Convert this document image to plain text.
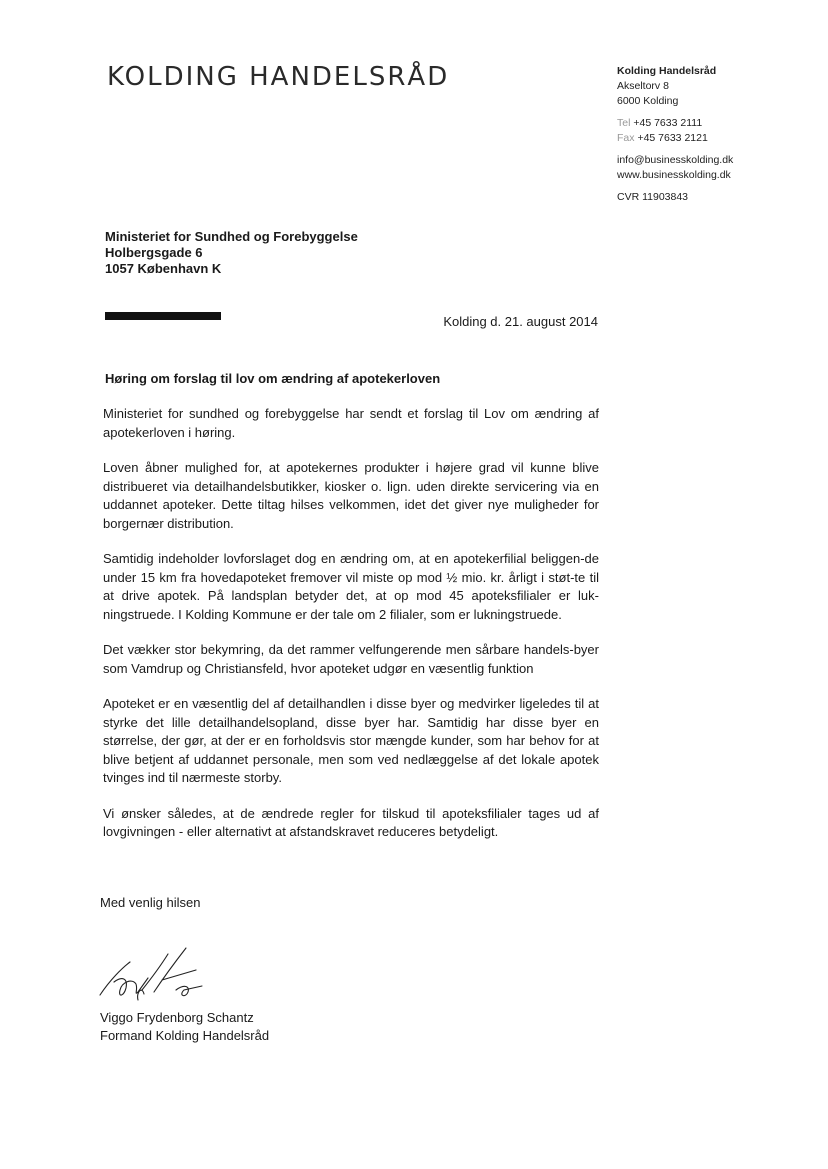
KOLDING HANDELSRÅD	Kolding Handelsråd
Akseltorv 8
6000 Kolding
Tel +45 7633 2111
Fax +45 7633 2121
info@businesskolding.dk
www.businesskolding.dk
CVR 11903843
Ministeriet for Sundhed og Forebyggelse
Holbergsgade 6
1057 København K
Kolding d. 21. august 2014
Høring om forslag til lov om ændring af apotekerloven

Ministeriet for sundhed og forebyggelse har sendt et forslag til Lov om ændring af apotekerloven i høring.

Loven åbner mulighed for, at apotekernes produkter i højere grad vil kunne blive distribueret via detailhandelsbutikker, kiosker o. lign. uden direkte servicering via en uddannet apoteker. Dette tiltag hilses velkommen, idet det giver nye muligheder for borgernær distribution.

Samtidig indeholder lovforslaget dog en ændring om, at en apotekerfilial beliggen-de under 15 km fra hovedapoteket fremover vil miste op mod ½ mio. kr. årligt i støt-te til at drive apotek. På landsplan betyder det, at op mod 45 apoteksfilialer er luk-ningstruede. I Kolding Kommune er der tale om 2 filialer, som er lukningstruede.

Det vækker stor bekymring, da det rammer velfungerende men sårbare handels-byer som Vamdrup og Christiansfeld, hvor apoteket udgør en væsentlig funktion

Apoteket er en væsentlig del af detailhandlen i disse byer og medvirker ligeledes til at styrke det lille detailhandelsopland, disse byer har. Samtidig har disse byer en størrelse, der gør, at der er en forholdsvis stor mængde kunder, som har behov for at blive betjent af uddannet personale, men som ved nedlæggelse af det lokale apotek tvinges ind til nærmeste storby.

Vi ønsker således, at de ændrede regler for tilskud til apoteksfilialer tages ud af lovgivningen - eller alternativt at afstandskravet reduceres betydeligt.

Med venlig hilsen
Viggo Frydenborg Schantz
Formand Kolding Handelsråd
